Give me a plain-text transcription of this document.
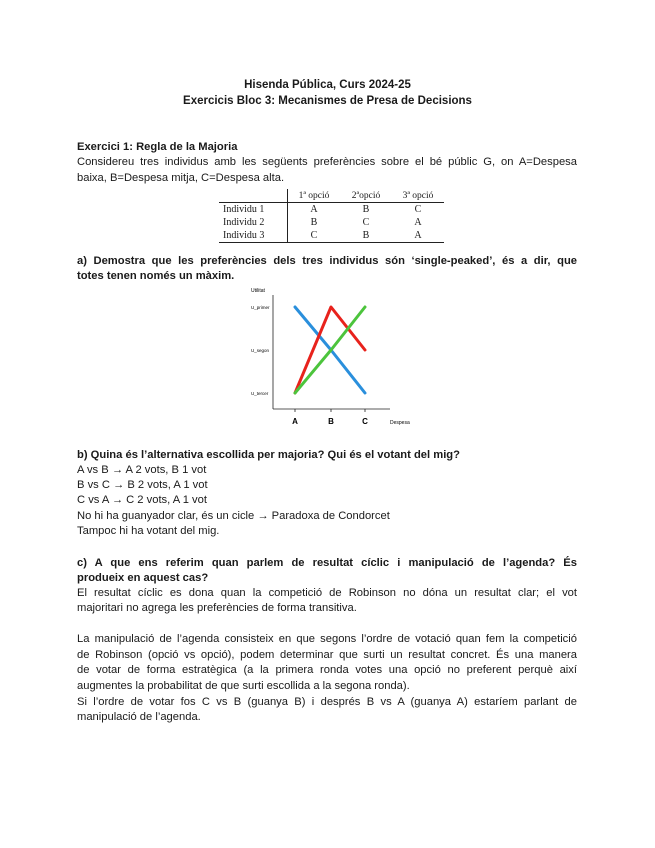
Hisenda Pública, Curs 2024-25
Exercicis Bloc 3: Mecanismes de Presa de Decisions
Exercici 1: Regla de la Majoria
Considereu tres individus amb les següents preferències sobre el bé públic G, on A=Despesa
baixa, B=Despesa mitja, C=Despesa alta.
	1ª opció	2ªopció	3ª opció
Individu 1	A	B	C
Individu 2	B	C	A
Individu 3	C	B	A
a) Demostra que les preferències dels tres individus són ‘single-peaked’, és a dir, que
totes tenen només un màxim.
Utilitat
U_primer
U_segon
U_tercer
A	B	C	Despesa
b) Quina és l’alternativa escollida per majoria? Qui és el votant del mig?
A vs B → A 2 vots, B 1 vot
B vs C → B 2 vots, A 1 vot
C vs A → C 2 vots, A 1 vot
No hi ha guanyador clar, és un cicle → Paradoxa de Condorcet
Tampoc hi ha votant del mig.
c) A que ens referim quan parlem de resultat cíclic i manipulació de l’agenda? És
produeix en aquest cas?
El resultat cíclic es dona quan la competició de Robinson no dóna un resultat clar; el vot
majoritari no agrega les preferències de forma transitiva.
La manipulació de l’agenda consisteix en que segons l’ordre de votació quan fem la competició
de Robinson (opció vs opció), podem determinar que surti un resultat concret. És una manera
de votar de forma estratègica (a la primera ronda votes una opció no preferent perquè així
augmentes la probabilitat de que surti escollida a la segona ronda).
Si l’ordre de votar fos C vs B (guanya B) i després B vs A (guanya A) estaríem parlant de
manipulació de l’agenda.
